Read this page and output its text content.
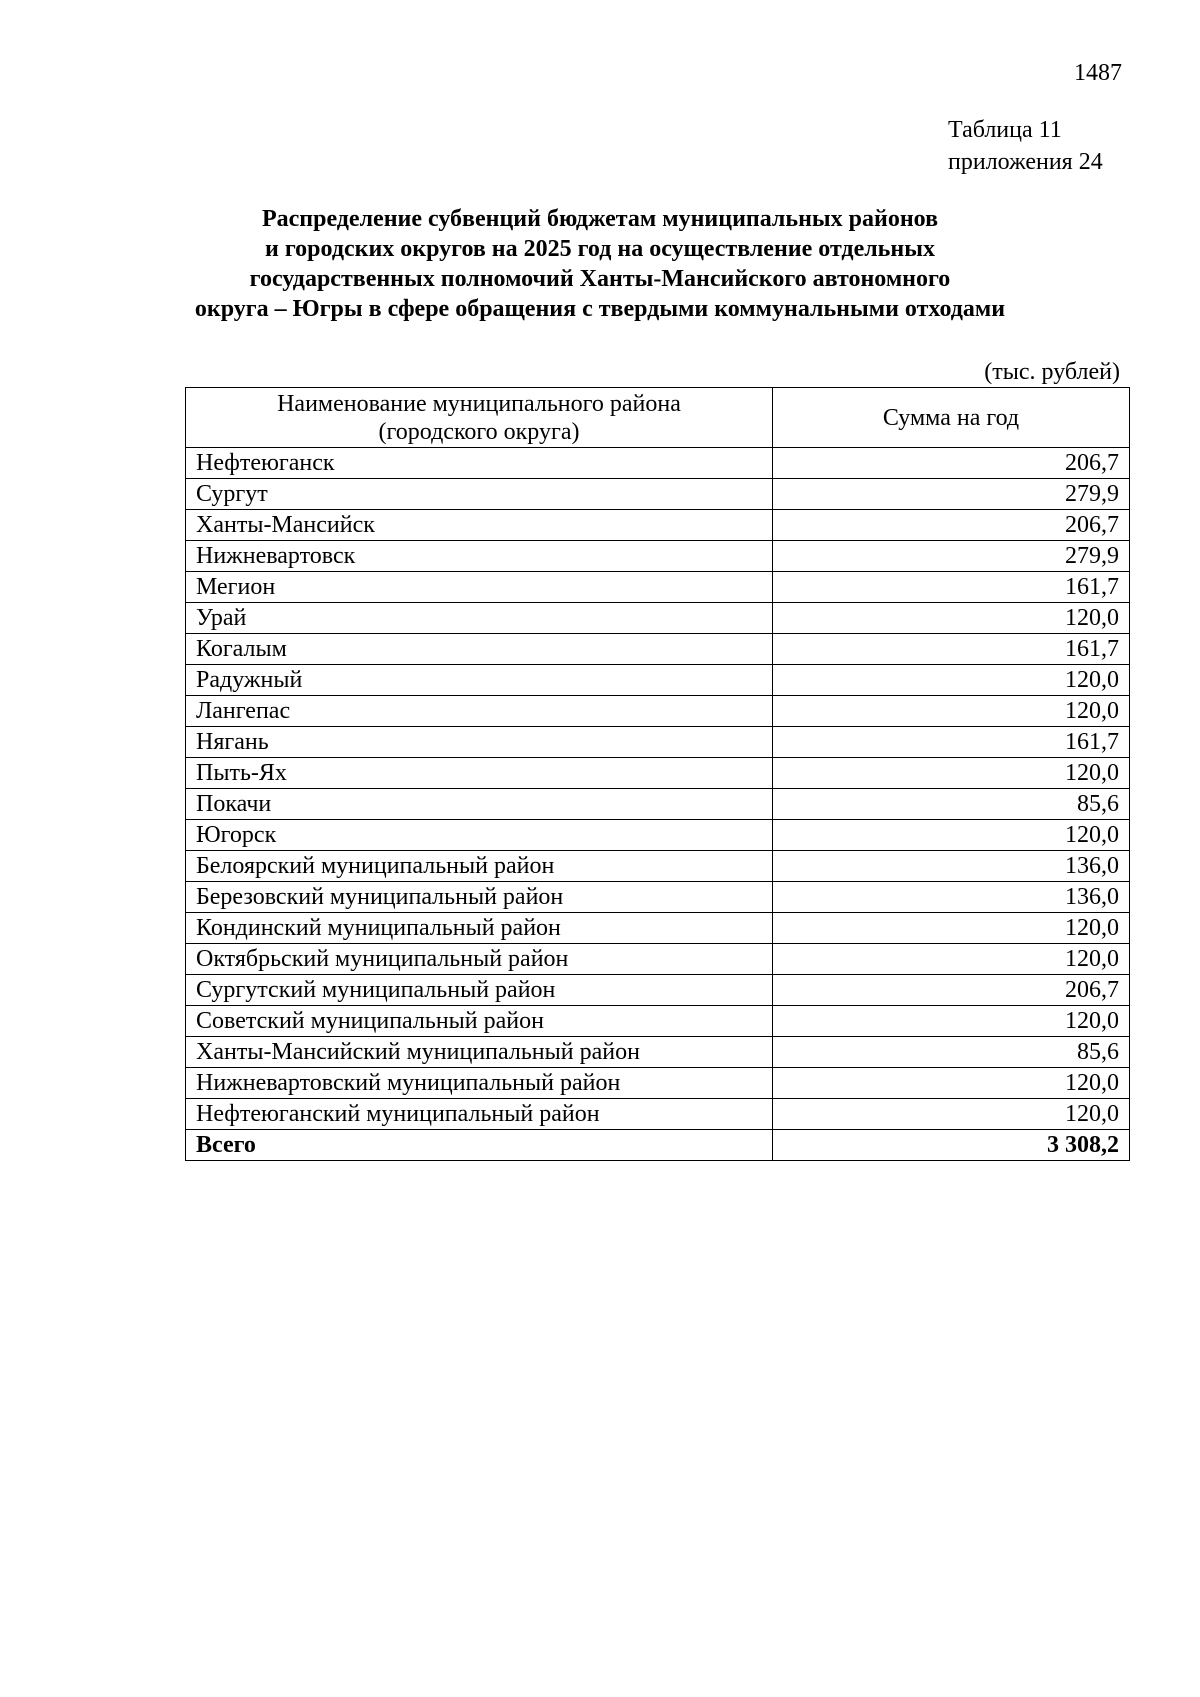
1487
Таблица 11
приложения 24
Распределение субвенций бюджетам муниципальных районов
и городских округов на 2025 год на осуществление отдельных
государственных полномочий Ханты-Мансийского автономного
округа – Югры в сфере обращения с твердыми коммунальными отходами
(тыс. рублей)
Наименование муниципального района
(городского округа)	Сумма на год
Нефтеюганск	206,7
Сургут	279,9
Ханты-Мансийск	206,7
Нижневартовск	279,9
Мегион	161,7
Урай	120,0
Когалым	161,7
Радужный	120,0
Лангепас	120,0
Нягань	161,7
Пыть-Ях	120,0
Покачи	85,6
Югорск	120,0
Белоярский муниципальный район	136,0
Березовский муниципальный район	136,0
Кондинский муниципальный район	120,0
Октябрьский муниципальный район	120,0
Сургутский муниципальный район	206,7
Советский муниципальный район	120,0
Ханты-Мансийский муниципальный район	85,6
Нижневартовский муниципальный район	120,0
Нефтеюганский муниципальный район	120,0
Всего	3 308,2
